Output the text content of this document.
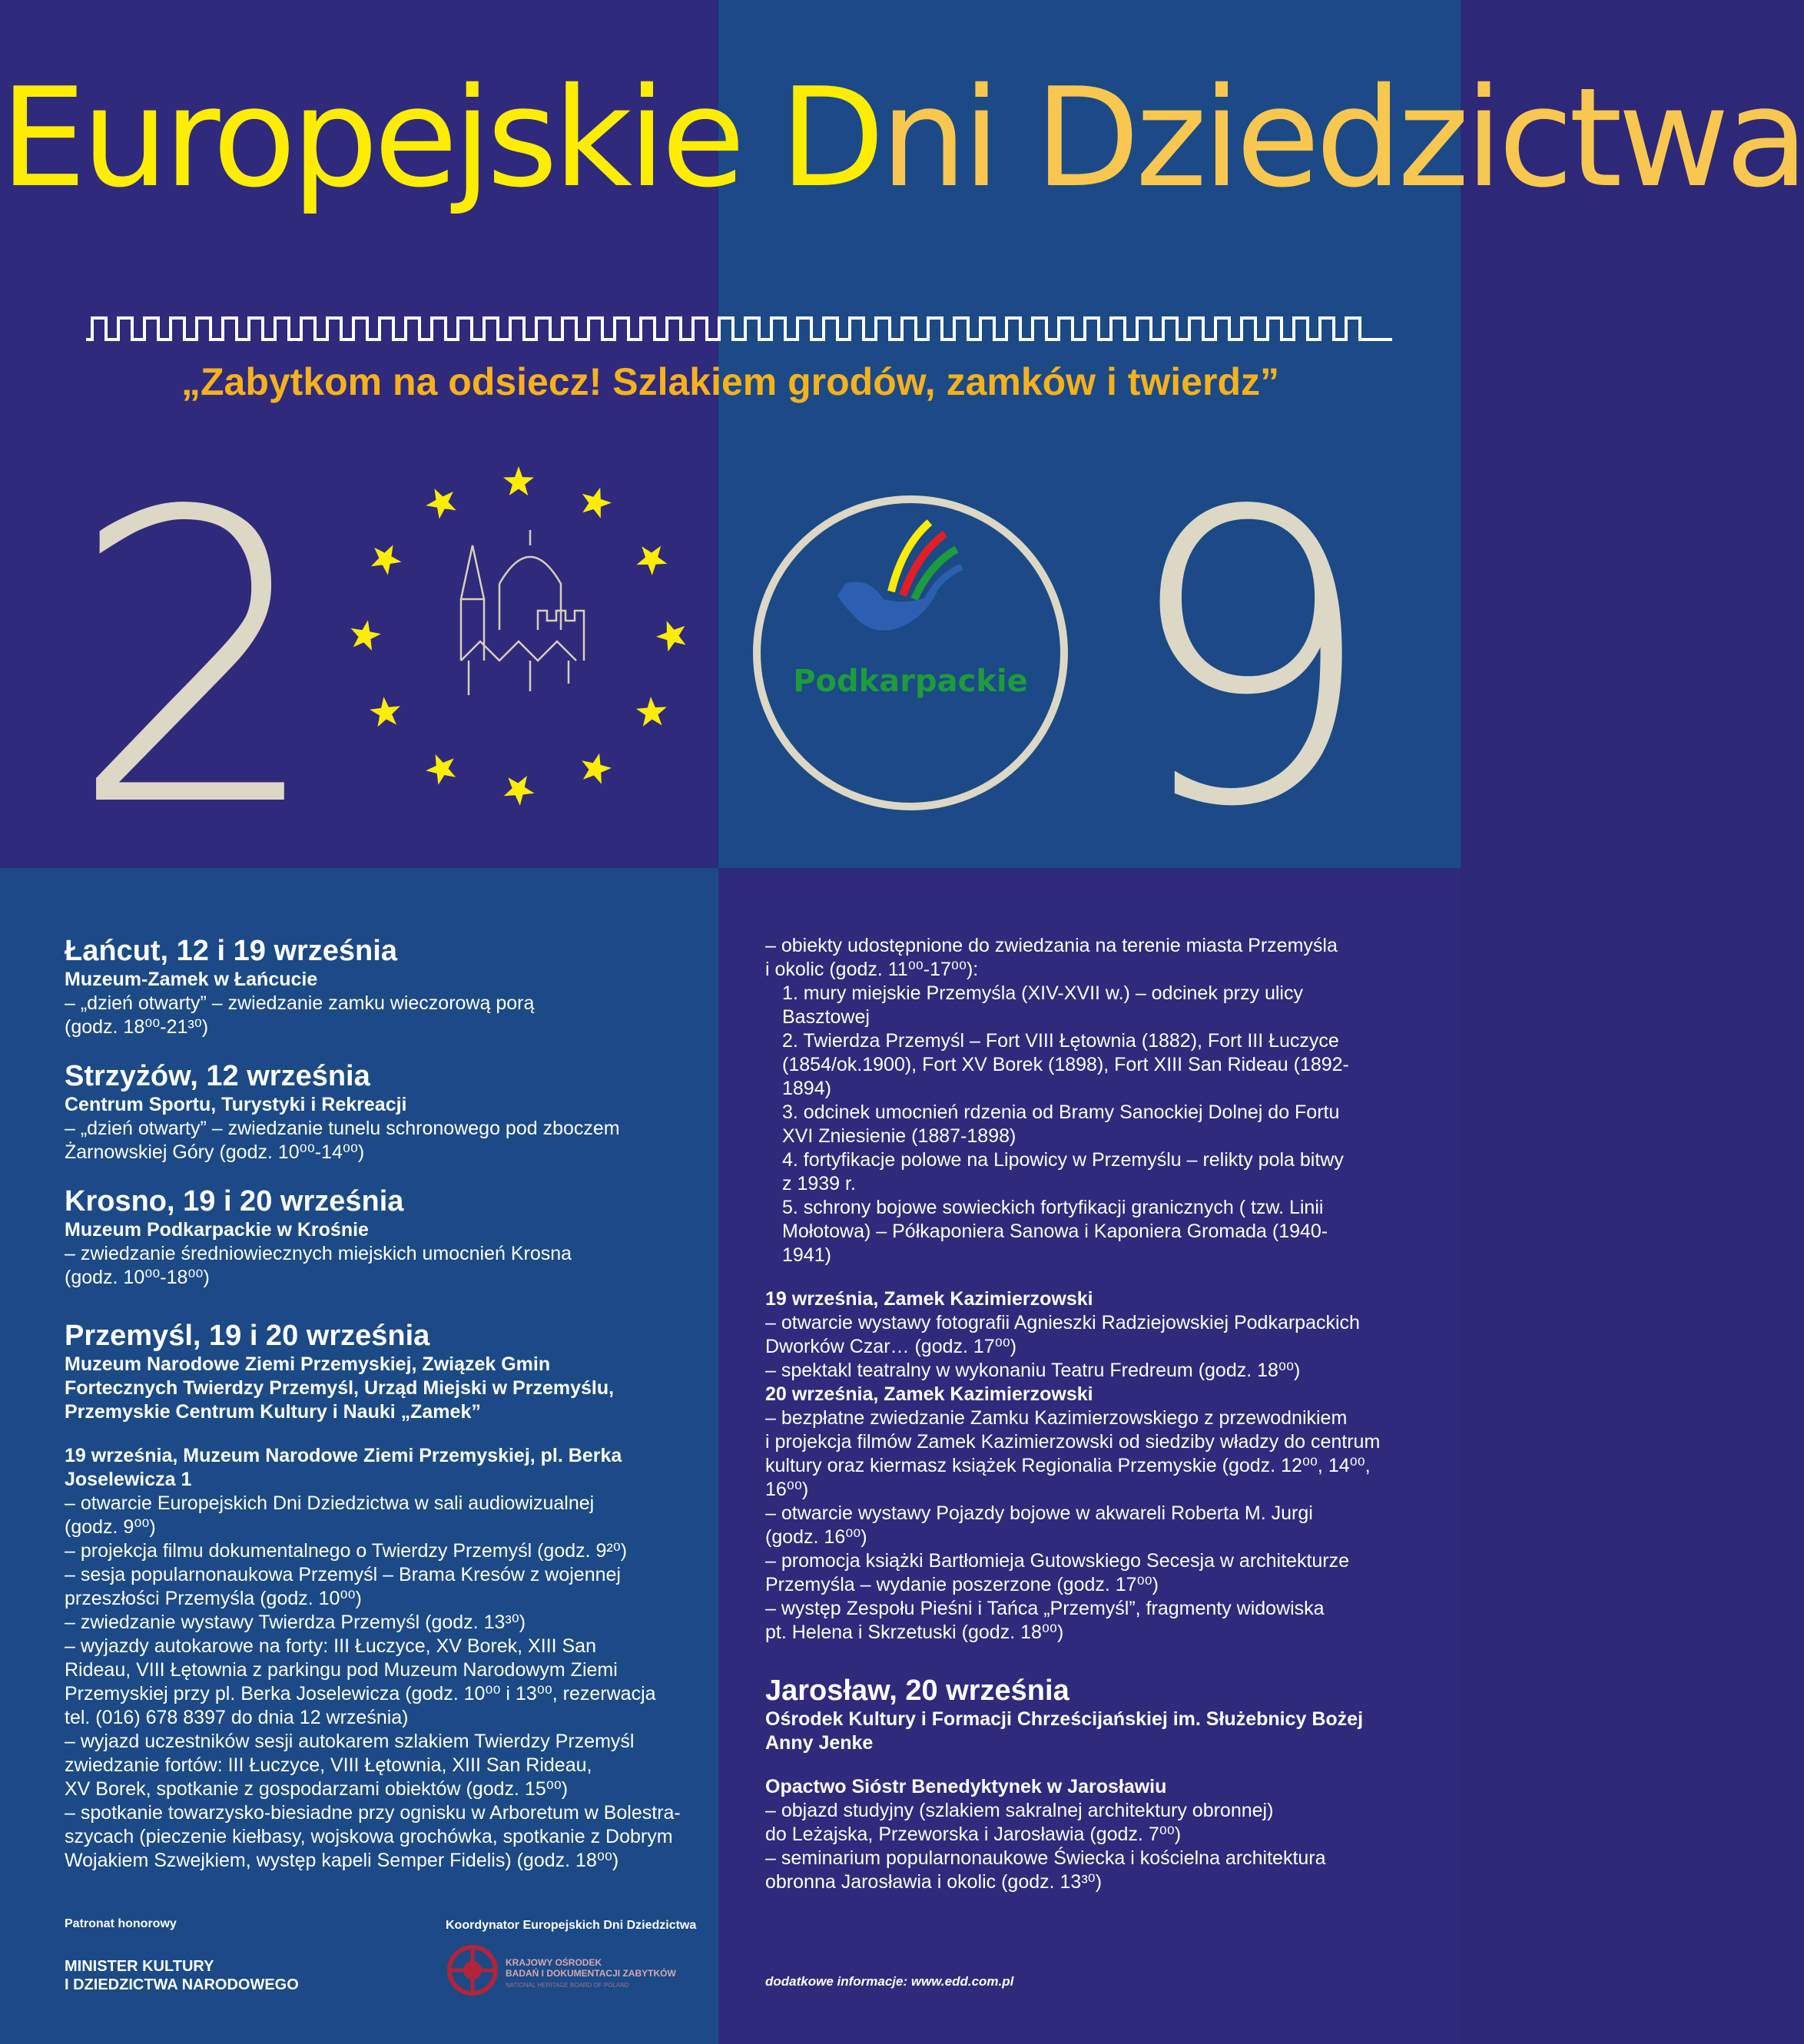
Europejskie Dni Dziedzictwa
„Zabytkom na odsiecz! Szlakiem grodów, zamków i twierdz”
2	Podkarpackie 9
Łańcut, 12 i 19 września

Muzeum-Zamek w Łańcucie

– „dzień otwarty” – zwiedzanie zamku wieczorową porą

(godz. 18⁰⁰-21³⁰)

Strzyżów, 12 września

Centrum Sportu, Turystyki i Rekreacji

– „dzień otwarty” – zwiedzanie tunelu schronowego pod zboczem

Żarnowskiej Góry (godz. 10⁰⁰-14⁰⁰)

Krosno, 19 i 20 września

Muzeum Podkarpackie w Krośnie

– zwiedzanie średniowiecznych miejskich umocnień Krosna

(godz. 10⁰⁰-18⁰⁰)

Przemyśl, 19 i 20 września

Muzeum Narodowe Ziemi Przemyskiej, Związek Gmin

Fortecznych Twierdzy Przemyśl, Urząd Miejski w Przemyślu,

Przemyskie Centrum Kultury i Nauki „Zamek”

19 września, Muzeum Narodowe Ziemi Przemyskiej, pl. Berka

Joselewicza 1

– otwarcie Europejskich Dni Dziedzictwa w sali audiowizualnej

(godz. 9⁰⁰)

– projekcja filmu dokumentalnego o Twierdzy Przemyśl (godz. 9²⁰)

– sesja popularnonaukowa Przemyśl – Brama Kresów z wojennej

przeszłości Przemyśla (godz. 10⁰⁰)

– zwiedzanie wystawy Twierdza Przemyśl (godz. 13³⁰)

– wyjazdy autokarowe na forty: III Łuczyce, XV Borek, XIII San

Rideau, VIII Łętownia z parkingu pod Muzeum Narodowym Ziemi

Przemyskiej przy pl. Berka Joselewicza (godz. 10⁰⁰ i 13⁰⁰, rezerwacja

tel. (016) 678 8397 do dnia 12 września)

– wyjazd uczestników sesji autokarem szlakiem Twierdzy Przemyśl

zwiedzanie fortów: III Łuczyce, VIII Łętownia, XIII San Rideau,

XV Borek, spotkanie z gospodarzami obiektów (godz. 15⁰⁰)

– spotkanie towarzysko-biesiadne przy ognisku w Arboretum w Bolestra-

szycach (pieczenie kiełbasy, wojskowa grochówka, spotkanie z Dobrym

Wojakiem Szwejkiem, występ kapeli Semper Fidelis) (godz. 18⁰⁰)

– obiekty udostępnione do zwiedzania na terenie miasta Przemyśla

i okolic (godz. 11⁰⁰-17⁰⁰):

1. mury miejskie Przemyśla (XIV-XVII w.) – odcinek przy ulicy

Basztowej

2. Twierdza Przemyśl – Fort VIII Łętownia (1882), Fort III Łuczyce

(1854/ok.1900), Fort XV Borek (1898), Fort XIII San Rideau (1892-

1894)

3. odcinek umocnień rdzenia od Bramy Sanockiej Dolnej do Fortu

XVI Zniesienie (1887-1898)

4. fortyfikacje polowe na Lipowicy w Przemyślu – relikty pola bitwy

z 1939 r.

5. schrony bojowe sowieckich fortyfikacji granicznych ( tzw. Linii

Mołotowa) – Półkaponiera Sanowa i Kaponiera Gromada (1940-

1941)

19 września, Zamek Kazimierzowski

– otwarcie wystawy fotografii Agnieszki Radziejowskiej Podkarpackich

Dworków Czar… (godz. 17⁰⁰)

– spektakl teatralny w wykonaniu Teatru Fredreum (godz. 18⁰⁰)

20 września, Zamek Kazimierzowski

– bezpłatne zwiedzanie Zamku Kazimierzowskiego z przewodnikiem

i projekcja filmów Zamek Kazimierzowski od siedziby władzy do centrum

kultury oraz kiermasz książek Regionalia Przemyskie (godz. 12⁰⁰, 14⁰⁰,

16⁰⁰)

– otwarcie wystawy Pojazdy bojowe w akwareli Roberta M. Jurgi

(godz. 16⁰⁰)

– promocja książki Bartłomieja Gutowskiego Secesja w architekturze

Przemyśla – wydanie poszerzone (godz. 17⁰⁰)

– występ Zespołu Pieśni i Tańca „Przemyśl”, fragmenty widowiska

pt. Helena i Skrzetuski (godz. 18⁰⁰)

Jarosław, 20 września

Ośrodek Kultury i Formacji Chrześcijańskiej im. Służebnicy Bożej

Anny Jenke

Opactwo Sióstr Benedyktynek w Jarosławiu

– objazd studyjny (szlakiem sakralnej architektury obronnej)

do Leżajska, Przeworska i Jarosławia (godz. 7⁰⁰)

– seminarium popularnonaukowe Świecka i kościelna architektura

obronna Jarosławia i okolic (godz. 13³⁰)

Patronat honorowy
MINISTER KULTURY
I DZIEDZICTWA NARODOWEGO
Koordynator Europejskich Dni Dziedzictwa
KRAJOWY OŚRODEK
BADAŃ I DOKUMENTACJI ZABYTKÓW
NATIONAL HERITAGE BOARD OF POLAND	dodatkowe informacje: www.edd.com.pl
